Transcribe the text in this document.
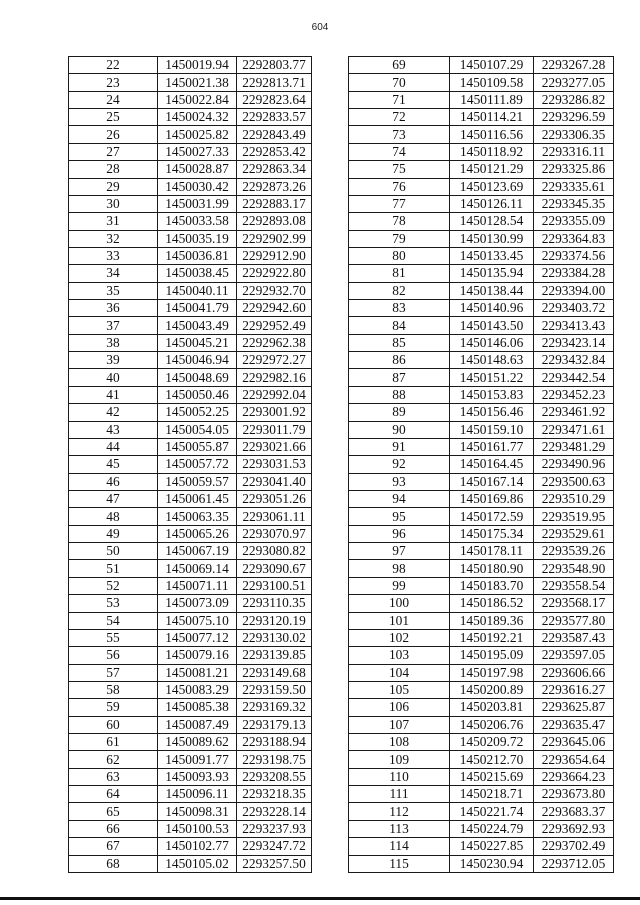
604
22	1450019.94	2292803.77
23	1450021.38	2292813.71
24	1450022.84	2292823.64
25	1450024.32	2292833.57
26	1450025.82	2292843.49
27	1450027.33	2292853.42
28	1450028.87	2292863.34
29	1450030.42	2292873.26
30	1450031.99	2292883.17
31	1450033.58	2292893.08
32	1450035.19	2292902.99
33	1450036.81	2292912.90
34	1450038.45	2292922.80
35	1450040.11	2292932.70
36	1450041.79	2292942.60
37	1450043.49	2292952.49
38	1450045.21	2292962.38
39	1450046.94	2292972.27
40	1450048.69	2292982.16
41	1450050.46	2292992.04
42	1450052.25	2293001.92
43	1450054.05	2293011.79
44	1450055.87	2293021.66
45	1450057.72	2293031.53
46	1450059.57	2293041.40
47	1450061.45	2293051.26
48	1450063.35	2293061.11
49	1450065.26	2293070.97
50	1450067.19	2293080.82
51	1450069.14	2293090.67
52	1450071.11	2293100.51
53	1450073.09	2293110.35
54	1450075.10	2293120.19
55	1450077.12	2293130.02
56	1450079.16	2293139.85
57	1450081.21	2293149.68
58	1450083.29	2293159.50
59	1450085.38	2293169.32
60	1450087.49	2293179.13
61	1450089.62	2293188.94
62	1450091.77	2293198.75
63	1450093.93	2293208.55
64	1450096.11	2293218.35
65	1450098.31	2293228.14
66	1450100.53	2293237.93
67	1450102.77	2293247.72
68	1450105.02	2293257.50
69	1450107.29	2293267.28
70	1450109.58	2293277.05
71	1450111.89	2293286.82
72	1450114.21	2293296.59
73	1450116.56	2293306.35
74	1450118.92	2293316.11
75	1450121.29	2293325.86
76	1450123.69	2293335.61
77	1450126.11	2293345.35
78	1450128.54	2293355.09
79	1450130.99	2293364.83
80	1450133.45	2293374.56
81	1450135.94	2293384.28
82	1450138.44	2293394.00
83	1450140.96	2293403.72
84	1450143.50	2293413.43
85	1450146.06	2293423.14
86	1450148.63	2293432.84
87	1450151.22	2293442.54
88	1450153.83	2293452.23
89	1450156.46	2293461.92
90	1450159.10	2293471.61
91	1450161.77	2293481.29
92	1450164.45	2293490.96
93	1450167.14	2293500.63
94	1450169.86	2293510.29
95	1450172.59	2293519.95
96	1450175.34	2293529.61
97	1450178.11	2293539.26
98	1450180.90	2293548.90
99	1450183.70	2293558.54
100	1450186.52	2293568.17
101	1450189.36	2293577.80
102	1450192.21	2293587.43
103	1450195.09	2293597.05
104	1450197.98	2293606.66
105	1450200.89	2293616.27
106	1450203.81	2293625.87
107	1450206.76	2293635.47
108	1450209.72	2293645.06
109	1450212.70	2293654.64
110	1450215.69	2293664.23
111	1450218.71	2293673.80
112	1450221.74	2293683.37
113	1450224.79	2293692.93
114	1450227.85	2293702.49
115	1450230.94	2293712.05
